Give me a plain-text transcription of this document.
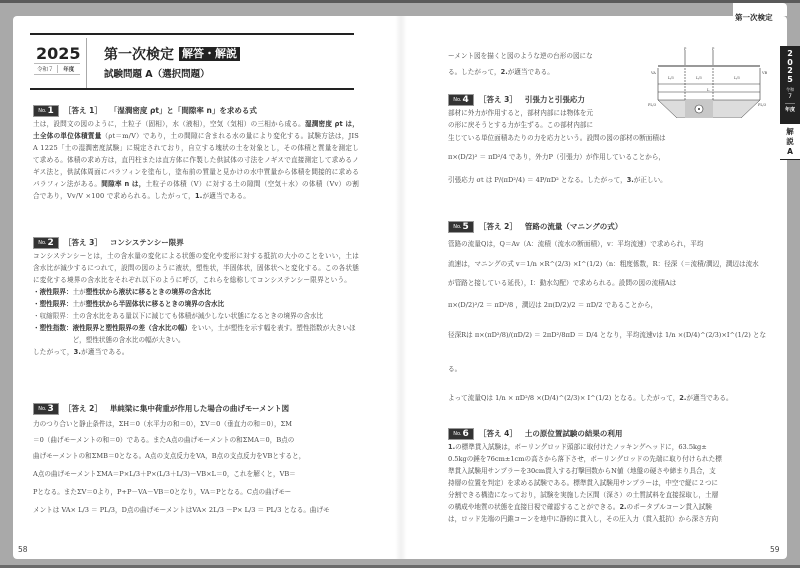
2025
令和７	年度
第一次検定 解答・解説
試験問題 A（選択問題）
No. 1 ［答え 1］ 「湿潤密度 ρt」と「間隙率 n」を求める式
土は，設問文の図のように，土粒子（固相），水（液相），空気（気相）の三相から成る。湿潤密度 ρt は，土全体の単位体積質量（ρt＝m/V）であり，土の間隙に含まれる水の量により変化する。試験方法は，JIS A 1225「土の湿潤密度試験」に規定されており，自立する塊状の土を対象とし，その体積と質量を測定して求める。体積の求め方は，直円柱または直方体に作製した供試体の寸法をノギスで直接測定して求めるノギス法と，供試体周面にパラフィンを塗布し，塗布前の質量と見かけの水中質量から体積を間接的に求めるパラフィン法がある。間隙率 n は，土粒子の体積（V）に対する土の隙間（空気＋水）の体積（Vv）の割合であり，Vv/V ×100 で求められる。したがって，1.が適当である。
No. 2 ［答え 3］ コンシステンシー限界
コンシステンシーとは，土の含水量の変化による状態の変化や変形に対する抵抗の大小のことをいい，土は含水比が減少するにつれて，設問の図のように液状，塑性状，半固体状，固体状へと変化する。この各状態に変化する境界の含水比をそれぞれ以下のように呼び，これらを総称してコンシステンシー限界という。
・液性限界： 土が 塑性状から液状に移るときの境界の含水比
・塑性限界： 土が 塑性状から半固体状に移るときの境界の含水比
・収縮限界： 土の含水比をある量以下に減じても体積が減少しない状態になるときの境界の含水比
・塑性指数： 液性限界と塑性限界の差（含水比の幅）をいい，土が塑性を示す幅を表す。塑性指数が大きいほど，塑性状態の含水比の幅が大きい。
したがって，3.が適当である。
No. 3 ［答え 2］ 単純梁に集中荷重が作用した場合の曲げモーメント図
力のつり合いと静止条件は，ΣH＝0（水平力の和＝0），ΣV＝0（垂直力の和＝0），ΣM
＝0（曲げモーメントの和＝0）である。またA点の曲げモーメントの和ΣMA＝0，B点の
曲げモーメントの和ΣMB＝0となる。A点の支点反力をVA，B点の支点反力をVBとすると，
A点の曲げモーメントΣMA＝P×L/3＋P×(L/3＋L/3)－VB×L＝0，これを解くと，VB＝
Pとなる。またΣV＝0より，P+P－VA－VB＝0となり，VA＝Pとなる。C点の曲げモー
メントは VA× L/3 ＝ PL/3，D点の曲げモーメントはVA× 2L/3 －P× L/3 ＝ PL/3 となる。曲げモ
58
第一次検定
2
0
2
5
令和
7
年度
解
説
A
ーメント図を描くと図のような逆の台形の図にな
る。したがって，2.が適当である。
P	P
VA	VB
L/3	L/3	L/3
L
PL/3	PL/3
No. 4 ［答え 3］ 引張力と引張応力
部材に外力が作用すると，部材内部には物体を元
の形に戻そうとする力が生ずる。この部材内部に
生じている単位面積あたりの力を応力という。設問の図の部材の断面積は
π×(D/2)² ＝ πD²/4 であり，外力P（引張力）が作用していることから，
引張応力 σt は P/(πD²/4) ＝ 4P/πD² となる。したがって，3.が正しい。
No. 5 ［答え 2］ 管路の流量（マニングの式）
管路の流量Qは，Q＝Av（A：流積（流水の断面積），v：平均流速）で求められ，平均
流速は，マニングの式 v＝1/n ×R^(2/3) ×I^(1/2)（n：粗度係数，R：径深（＝流積/潤辺，潤辺は流水
が管路と接している延長），I：動水勾配）で求められる。設問の図の流積Aは
π×(D/2)²/2 ＝ πD²/8 ，潤辺は 2π(D/2)/2 ＝ πD/2 であることから，
径深Rは π×(πD²/8)/(πD/2) ＝ 2πD²/8πD ＝ D/4 となり，平均流速vは 1/n ×(D/4)^(2/3)×I^(1/2) となる。
よって流量Qは 1/n × πD²/8 ×(D/4)^(2/3)× I^(1/2) となる。したがって，2.が適当である。
No. 6 ［答え 4］ 土の原位置試験の結果の利用
1.の標準貫入試験は，ボーリングロッド頭部に取付けたノッキングヘッドに，63.5kg±
0.5kgの錘を76cm±1cmの高さから落下させ，ボーリングロッドの先端に取り付けられた標
準貫入試験用サンプラーを30cm貫入する打撃回数からN値（地盤の硬さや締まり具合，支
持層の位置を判定）を求める試験である。標準貫入試験用サンプラーは，中空で縦に２つに
分割できる構造になっており，試験を実施した区間（深さ）の土質試料を直接採取し，土層
の構成や地質の状態を直接目視で確認することができる。2.のポータブルコーン貫入試験
は，ロッド先端の円錐コーンを地中に静的に貫入し，その圧入力（貫入抵抗）から深さ方向
59
